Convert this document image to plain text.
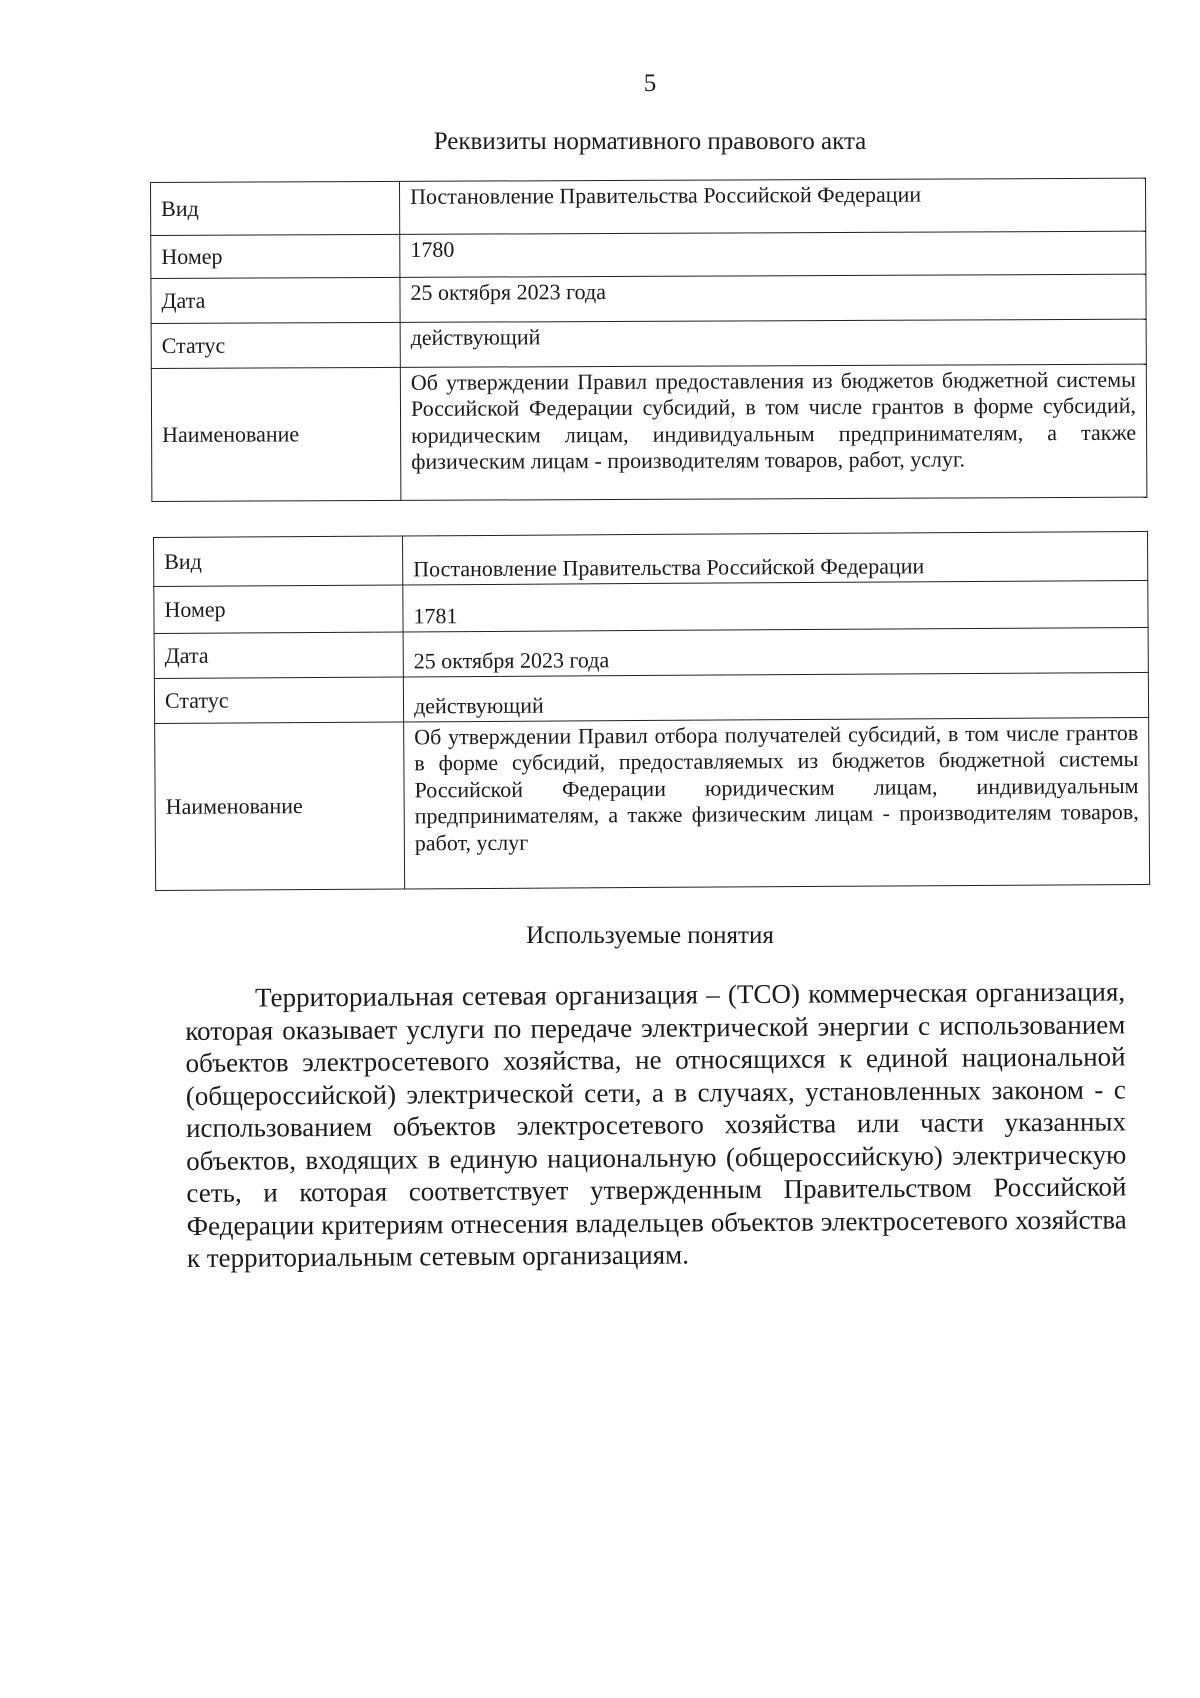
5
Реквизиты нормативного правового акта
Вид	Постановление Правительства Российской Федерации
Номер	1780
Дата	25 октября 2023 года
Статус	действующий
Наименование	Об утверждении Правил предоставления из бюджетов бюджетной системы Российской Федерации субсидий, в том числе грантов в форме субсидий, юридическим лицам, индивидуальным предпринимателям, а также физическим лицам - производителям товаров, работ, услуг.
Вид	Постановление Правительства Российской Федерации
Номер	1781
Дата	25 октября 2023 года
Статус	действующий
Наименование	Об утверждении Правил отбора получателей субсидий, в том числе грантов в форме субсидий, предоставляемых из бюджетов бюджетной системы Российской Федерации юридическим лицам, индивидуальным предпринимателям, а также физическим лицам - производителям товаров, работ, услуг
Используемые понятия
Территориальная сетевая организация – (ТСО) коммерческая организация, которая оказывает услуги по передаче электрической энергии с использованием объектов электросетевого хозяйства, не относящихся к единой национальной (общероссийской) электрической сети, а в случаях, установленных законом - с использованием объектов электросетевого хозяйства или части указанных объектов, входящих в единую национальную (общероссийскую) электрическую сеть, и которая соответствует утвержденным Правительством Российской Федерации критериям отнесения владельцев объектов электросетевого хозяйства к территориальным сетевым организациям.
